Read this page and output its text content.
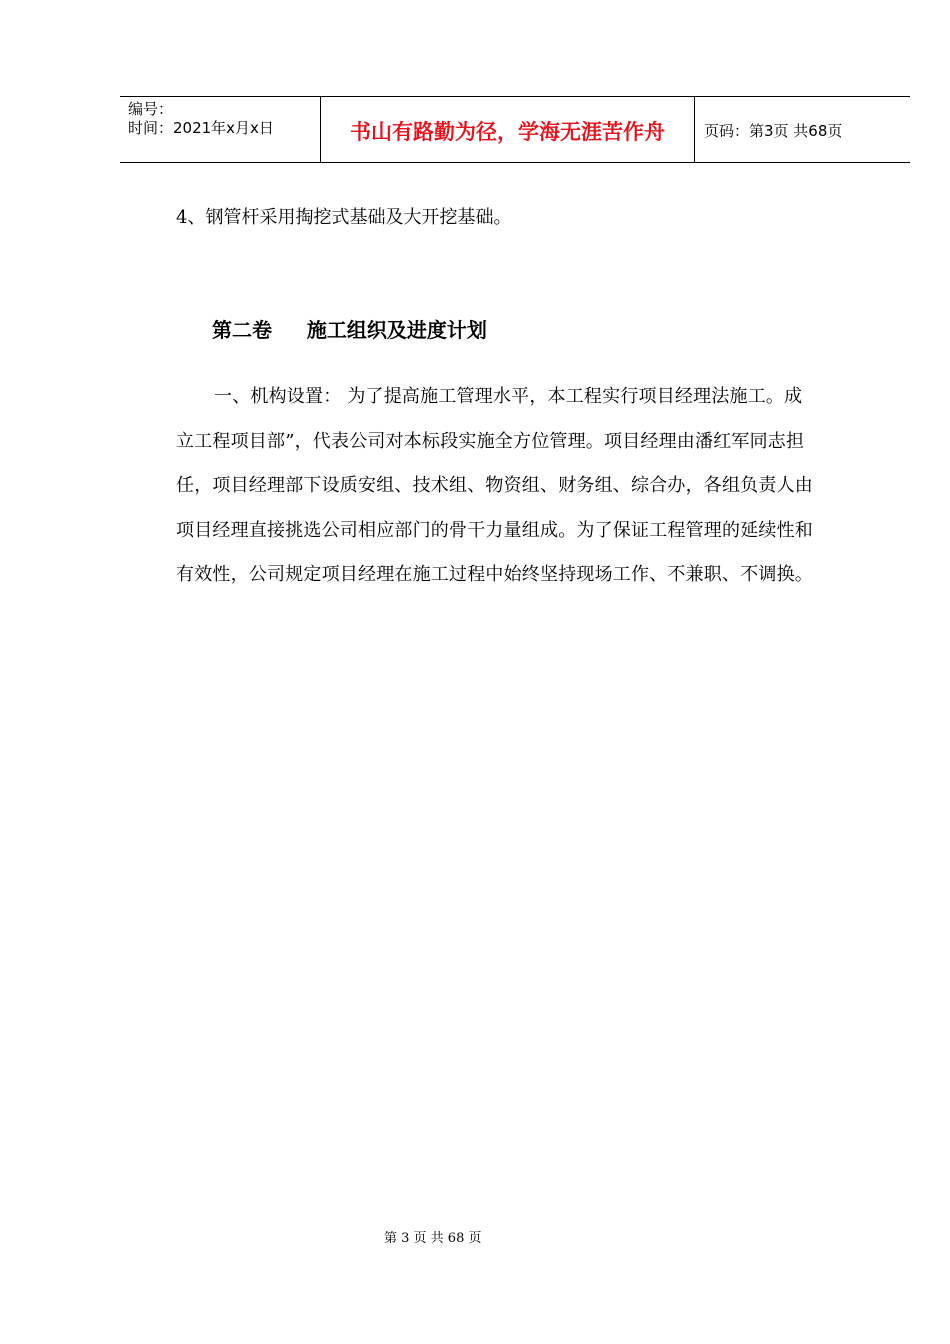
编号：
时间：2021年x月x日	书山有路勤为径，学海无涯苦作舟	页码：第3页 共68页
4、钢管杆采用掏挖式基础及大开挖基础。
第二卷     施工组织及进度计划
一、机构设置： 为了提高施工管理水平，本工程实行项目经理法施工。成
立工程项目部”，代表公司对本标段实施全方位管理。项目经理由潘红军同志担
任，项目经理部下设质安组、技术组、物资组、财务组、综合办，各组负责人由
项目经理直接挑选公司相应部门的骨干力量组成。为了保证工程管理的延续性和
有效性，公司规定项目经理在施工过程中始终坚持现场工作、不兼职、不调换。
第 3 页 共 68 页
